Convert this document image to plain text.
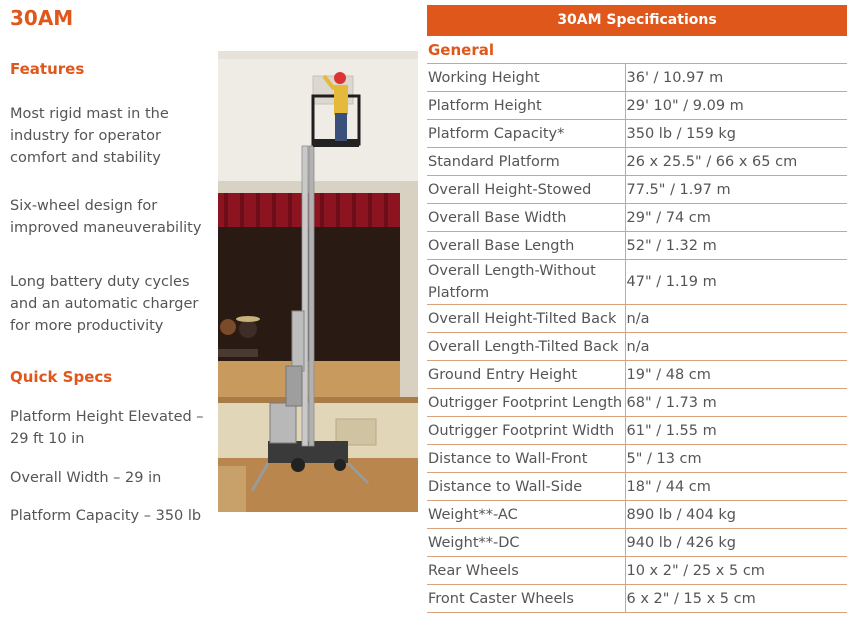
30AM
Features
Most rigid mast in the industry for operator comfort and stability
Six-wheel design for improved maneuverability
Long battery duty cycles and an automatic charger for more productivity
Quick Specs
Platform Height Elevated – 29 ft 10 in
Overall Width – 29 in
Platform Capacity – 350 lb
30AM Specifications
General
Working Height	36' / 10.97 m
Platform Height	29' 10" / 9.09 m
Platform Capacity*	350 lb / 159 kg
Standard Platform	26 x 25.5" / 66 x 65 cm
Overall Height-Stowed	77.5" / 1.97 m
Overall Base Width	29" / 74 cm
Overall Base Length	52" / 1.32 m
Overall Length-Without Platform	47" / 1.19 m
Overall Height-Tilted Back	n/a
Overall Length-Tilted Back	n/a
Ground Entry Height	19" / 48 cm
Outrigger Footprint Length	68" / 1.73 m
Outrigger Footprint Width	61" / 1.55 m
Distance to Wall-Front	5" / 13 cm
Distance to Wall-Side	18" / 44 cm
Weight**-AC	890 lb / 404 kg
Weight**-DC	940 lb / 426 kg
Rear Wheels	10 x 2" / 25 x 5 cm
Front Caster Wheels	6 x 2" / 15 x 5 cm
